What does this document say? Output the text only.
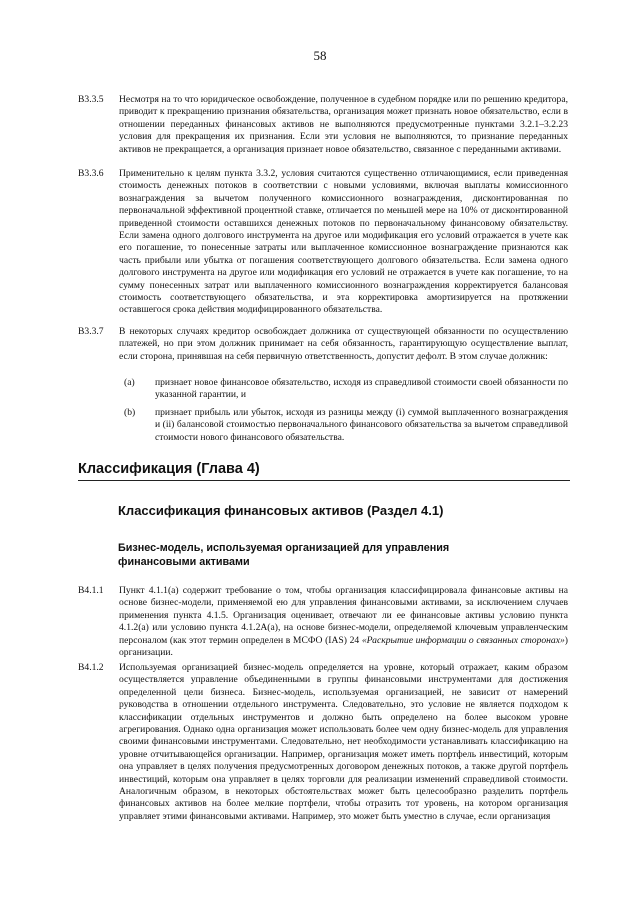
58
B3.3.5	Несмотря на то что юридическое освобождение, полученное в судебном порядке или по решению кредитора, приводит к прекращению признания обязательства, организация может признать новое обязательство, если в отношении переданных финансовых активов не выполняются предусмотренные пунктами 3.2.1–3.2.23 условия для прекращения их признания. Если эти условия не выполняются, то признание переданных активов не прекращается, а организация признает новое обязательство, связанное с переданными активами.
B3.3.6	Применительно к целям пункта 3.3.2, условия считаются существенно отличающимися, если приведенная стоимость денежных потоков в соответствии с новыми условиями, включая выплаты комиссионного вознаграждения за вычетом полученного комиссионного вознаграждения, дисконтированная по первоначальной эффективной процентной ставке, отличается по меньшей мере на 10% от дисконтированной приведенной стоимости оставшихся денежных потоков по первоначальному финансовому обязательству. Если замена одного долгового инструмента на другое или модификация его условий отражается в учете как его погашение, то понесенные затраты или выплаченное комиссионное вознаграждение признаются как часть прибыли или убытка от погашения соответствующего долгового обязательства. Если замена одного долгового инструмента на другое или модификация его условий не отражается в учете как погашение, то на сумму понесенных затрат или выплаченного комиссионного вознаграждения корректируется балансовая стоимость соответствующего обязательства, и эта корректировка амортизируется на протяжении оставшегося срока действия модифицированного обязательства.
B3.3.7	В некоторых случаях кредитор освобождает должника от существующей обязанности по осуществлению платежей, но при этом должник принимает на себя обязанность, гарантирующую осуществление выплат, если сторона, принявшая на себя первичную ответственность, допустит дефолт. В этом случае должник:
(a) признает новое финансовое обязательство, исходя из справедливой стоимости своей обязанности по указанной гарантии, и
(b) признает прибыль или убыток, исходя из разницы между (i) суммой выплаченного вознаграждения и (ii) балансовой стоимостью первоначального финансового обязательства за вычетом справедливой стоимости нового финансового обязательства.
Классификация (Глава 4)
Классификация финансовых активов (Раздел 4.1)
Бизнес-модель, используемая организацией для управления финансовыми активами
B4.1.1	Пункт 4.1.1(a) содержит требование о том, чтобы организация классифицировала финансовые активы на основе бизнес-модели, применяемой ею для управления финансовыми активами, за исключением случаев применения пункта 4.1.5. Организация оценивает, отвечают ли ее финансовые активы условию пункта 4.1.2(a) или условию пункта 4.1.2A(a), на основе бизнес-модели, определяемой ключевым управленческим персоналом (как этот термин определен в МСФО (IAS) 24 «Раскрытие информации о связанных сторонах») организации.
B4.1.2	Используемая организацией бизнес-модель определяется на уровне, который отражает, каким образом осуществляется управление объединенными в группы финансовыми инструментами для достижения определенной цели бизнеса. Бизнес-модель, используемая организацией, не зависит от намерений руководства в отношении отдельного инструмента. Следовательно, это условие не является подходом к классификации отдельных инструментов и должно быть определено на более высоком уровне агрегирования. Однако одна организация может использовать более чем одну бизнес-модель для управления своими финансовыми инструментами. Следовательно, нет необходимости устанавливать классификацию на уровне отчитывающейся организации. Например, организация может иметь портфель инвестиций, которым она управляет в целях получения предусмотренных договором денежных потоков, а также другой портфель инвестиций, которым она управляет в целях торговли для реализации изменений справедливой стоимости. Аналогичным образом, в некоторых обстоятельствах может быть целесообразно разделить портфель финансовых активов на более мелкие портфели, чтобы отразить тот уровень, на котором организация управляет этими финансовыми активами. Например, это может быть уместно в случае, если организация
